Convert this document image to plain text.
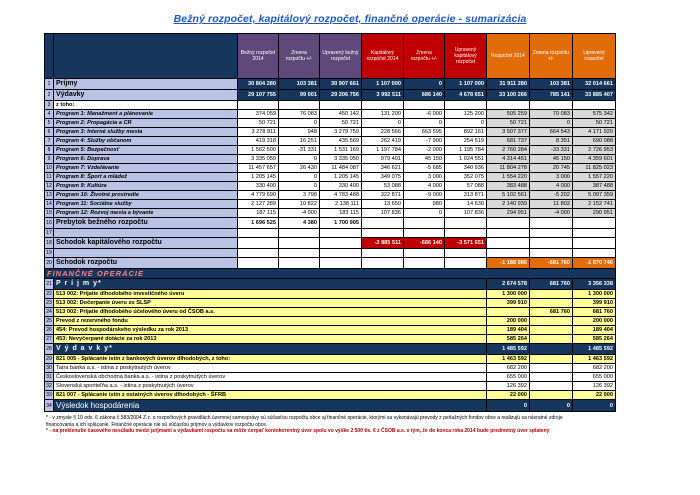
Bežný rozpočet, kapitálový rozpočet, finančné operácie - sumarizácia
		Bežný rozpočet 2014	Zmena rozpočtu +/-	Upravený bežný rozpočet	Kapitálový rozpočet 2014	Zmena rozpočtu +/-	Upravený kapitálový rozpočet	Rozpočet 2014	Zmena rozpočtu +/-	Upravený rozpočet
1	Príjmy	30 804 280	103 381	30 907 661	1 107 000	0	1 107 000	31 911 280	103 381	32 014 661
2	Výdavky	29 107 755	99 001	29 206 756	3 992 511	686 140	4 678 651	33 100 266	785 141	33 885 407
3	z toho:									
4	Program 1: Manažment a plánovanie	374 059	76 083	450 142	131 200	-6 000	125 200	505 259	70 083	575 342
5	Program 2: Propagácia a CR	50 721	0	50 721	0	0	0	50 721	0	50 721
6	Program 3: Interné služby mesta	3 278 811	948	3 279 759	228 566	663 595	892 161	3 507 377	664 543	4 171 920
7	Program 4: Služby občanom	419 318	16 251	435 569	262 419	-7 900	254 519	681 737	8 351	690 088
8	Program 5: Bezpečnosť	1 562 500	-31 331	1 531 169	1 197 784	-2 000	1 195 784	2 760 284	-33 331	2 726 953
9	Program 6: Doprava	3 335 050	0	3 335 050	979 401	45 150	1 024 551	4 314 451	45 150	4 359 601
10	Program 7: Vzdelávanie	11 457 657	26 430	11 484 087	346 621	-5 685	340 936	11 804 278	20 745	11 825 023
11	Program 8: Šport a mládež	1 205 145	0	1 205 145	349 075	3 000	352 075	1 554 220	3 000	1 557 220
12	Program 9: Kultúra	330 400	0	330 400	53 088	4 000	57 088	383 488	4 000	387 488
13	Program 10: Životné prostredie	4 779 690	3 798	4 783 488	322 871	-9 000	313 871	5 102 561	-5 202	5 097 359
14	Program 11: Sociálne služby	2 127 289	10 822	2 138 111	13 650	980	14 630	2 140 939	11 802	2 152 741
15	Program 12: Rozvoj mesta a bývanie	187 115	-4 000	183 115	107 836	0	107 836	294 951	-4 000	290 951
16	Prebytok bežného rozpočtu	1 696 525	4 380	1 700 905						
17										
18	Schodok kapitálového rozpočtu				-2 885 511	-686 140	-3 571 651			
19										
20	Schodok rozpočtu							-1 188 986	-681 760	-1 870 746
FINANČNÉ OPERÁCIE										
21	P r í j m y*							2 674 578	681 760	3 356 338
22	513 002: Prijatie dlhodobého investičného úveru							1 300 000		1 300 000
23	513 002: Dočerpanie úveru zo SLSP							399 910		399 910
24	513 002: Prijatie dlhodobého účelového úveru od ČSOB a.s.								681 760	681 760
25	Prevod z rezervného fondu							200 000		200 000
26	454: Prevod hospodárskeho výsledku za rok 2013							189 404		189 404
27	453: Nevyčerpané dotácie za rok 2013							585 264		585 264
28	V ý d a v k y*							1 485 592		1 485 592
29	821 005 - Splácanie istín z bankových úverov dlhodobých, z toho:							1 463 592		1 463 592
30	Tatra banka a.s. - istina z poskytnutých úverov							682 200		682 200
31	Československá obchodná banka a.s. - istina z poskytnutých úverov							655 000		655 000
32	Slovenská sporiteľňa a.s. - istina z poskytnutých úverov							126 392		126 392
33	821 007 - Splácanie istín z ostatných úverov dlhodobých - ŠFRB							22 000		22 000
34	Výsledok hospodárenia							0	0	0
* - v zmysle § 10 ods. 6 zákona č.583/2004 Z.z. o rozpočtových pravidlách územnej samosprávy sú súčasťou rozpočtu obce aj finančné operácie, ktorými sa vykonávajú prevody z peňažných fondov obce a realizujú sa návratné zdroje financovania a ich splácanie. Finančné operácie nie sú súčasťou príjmov a výdavkov rozpočtu obce.
* - na preklenutie časového nesúladu medzi príjmami a výdavkami rozpočtu sa môže čerpať kontokorentný úver spolu vo výške 2 500 tis. € z ČSOB a.s. s tým, že do konca roka 2014 bude predmetný úver splatený
